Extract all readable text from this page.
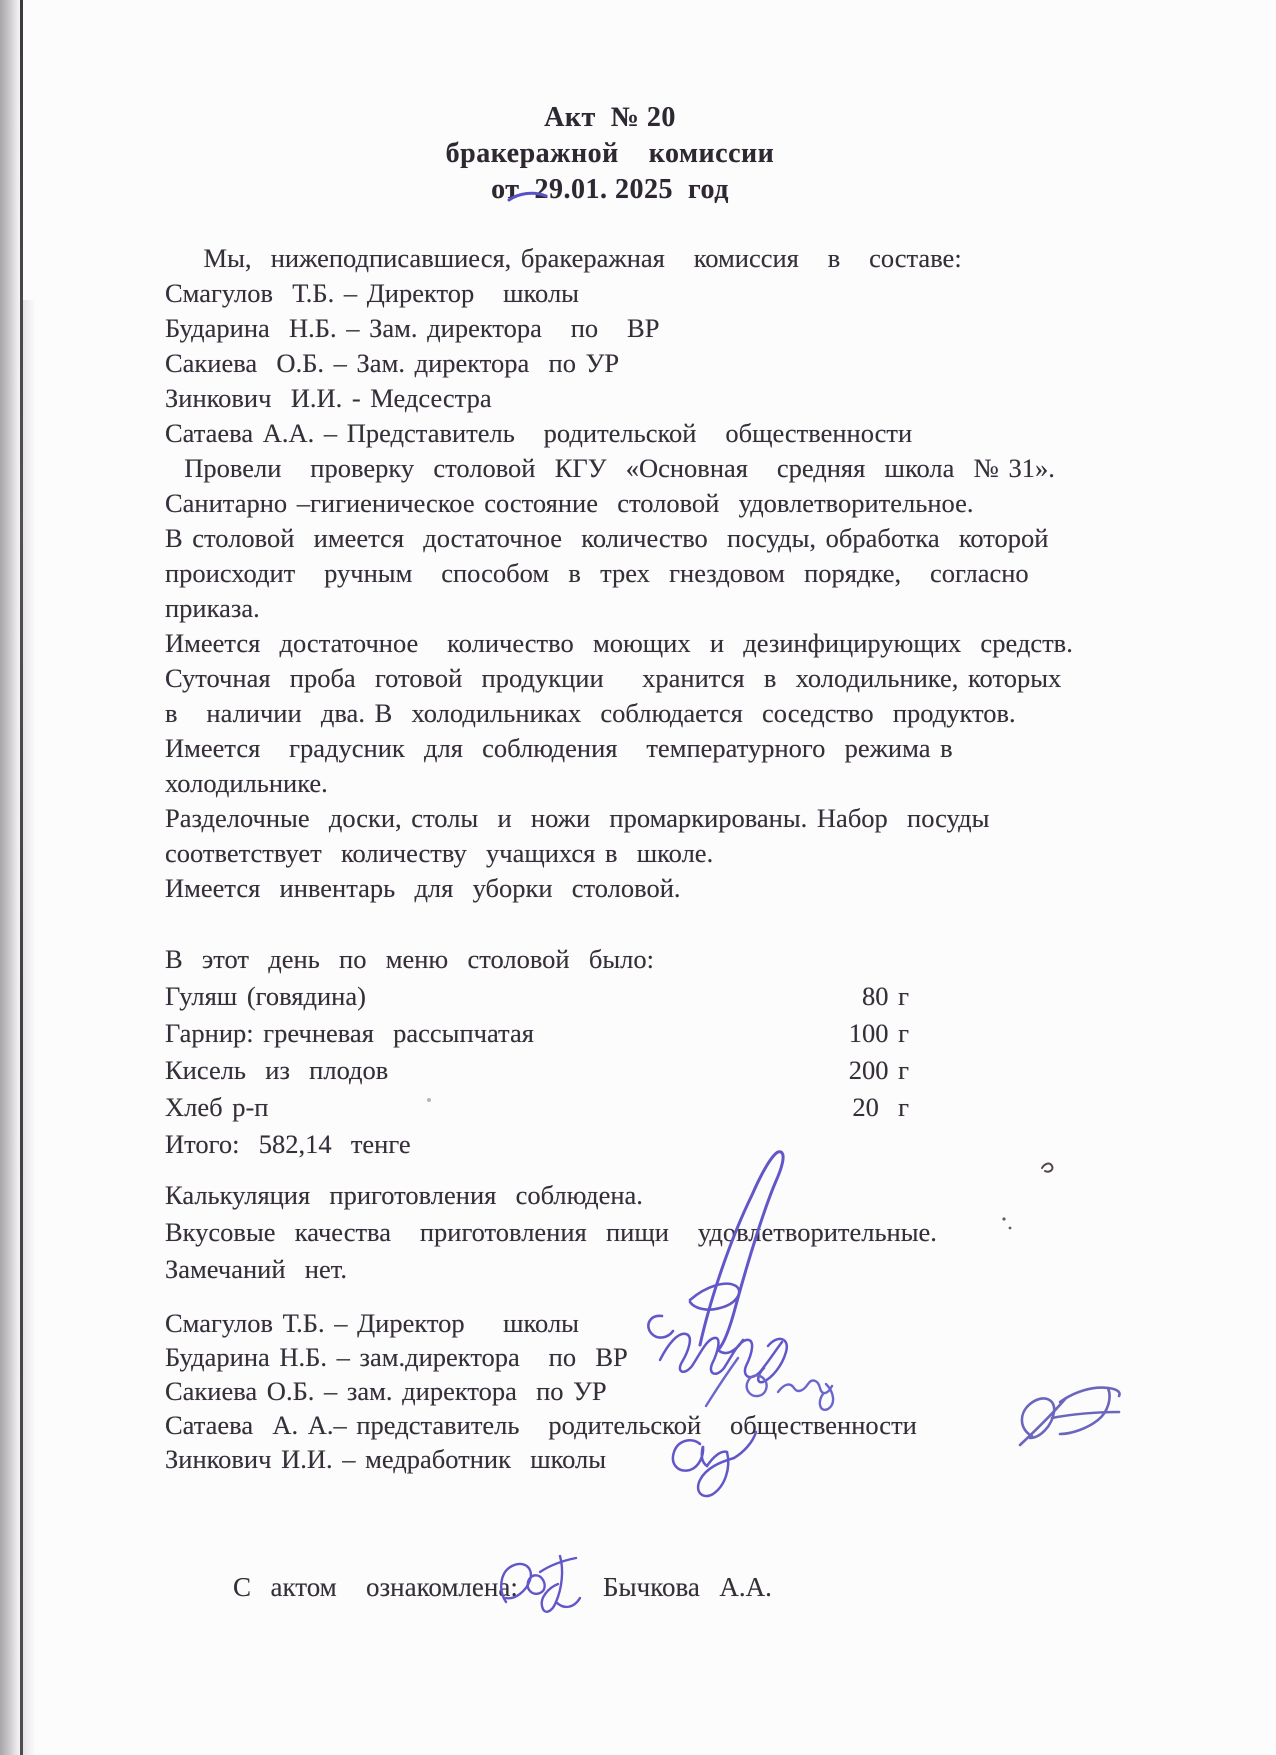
Акт  № 20
бракеражной    комиссии
от  29.01. 2025  год
Мы,  нижеподписавшиеся, бракеражная   комиссия   в   составе:
Смагулов  Т.Б. – Директор   школы
Бударина  Н.Б. – Зам. директора   по   ВР
Сакиева  О.Б. – Зам. директора  по УР
Зинкович  И.И. - Медсестра
Сатаева А.А. – Представитель   родительской   общественности
Провели   проверку  столовой  КГУ  «Основная   средняя  школа  № 31».
Санитарно –гигиеническое состояние  столовой  удовлетворительное.
В столовой  имеется  достаточное  количество  посуды, обработка  которой
происходит   ручным   способом  в  трех  гнездовом  порядке,   согласно
приказа.
Имеется  достаточное   количество  моющих  и  дезинфицирующих  средств.
Суточная  проба  готовой  продукции    хранится  в  холодильнике, которых
в   наличии  два. В  холодильниках  соблюдается  соседство  продуктов.
Имеется   градусник  для  соблюдения   температурного  режима в
холодильнике.
Разделочные  доски, столы  и  ножи  промаркированы. Набор  посуды
соответствует  количеству  учащихся в  школе.
Имеется  инвентарь  для  уборки  столовой.
В  этот  день  по  меню  столовой  было:
Гуляш (говядина)	80 г
Гарнир: гречневая  рассыпчатая	100 г
Кисель  из  плодов	200 г
Хлеб р-п	20  г
Итого:  582,14  тенге
Калькуляция  приготовления  соблюдена.
Вкусовые  качества   приготовления  пищи   удовлетворительные.
Замечаний  нет.
Смагулов Т.Б. – Директор    школы
Бударина Н.Б. – зам.директора   по  ВР
Сакиева О.Б. – зам. директора  по УР
Сатаева  А. А.– представитель   родительской   общественности
Зинкович И.И. – медработник  школы
С  актом   ознакомлена:	Бычкова  А.А.
